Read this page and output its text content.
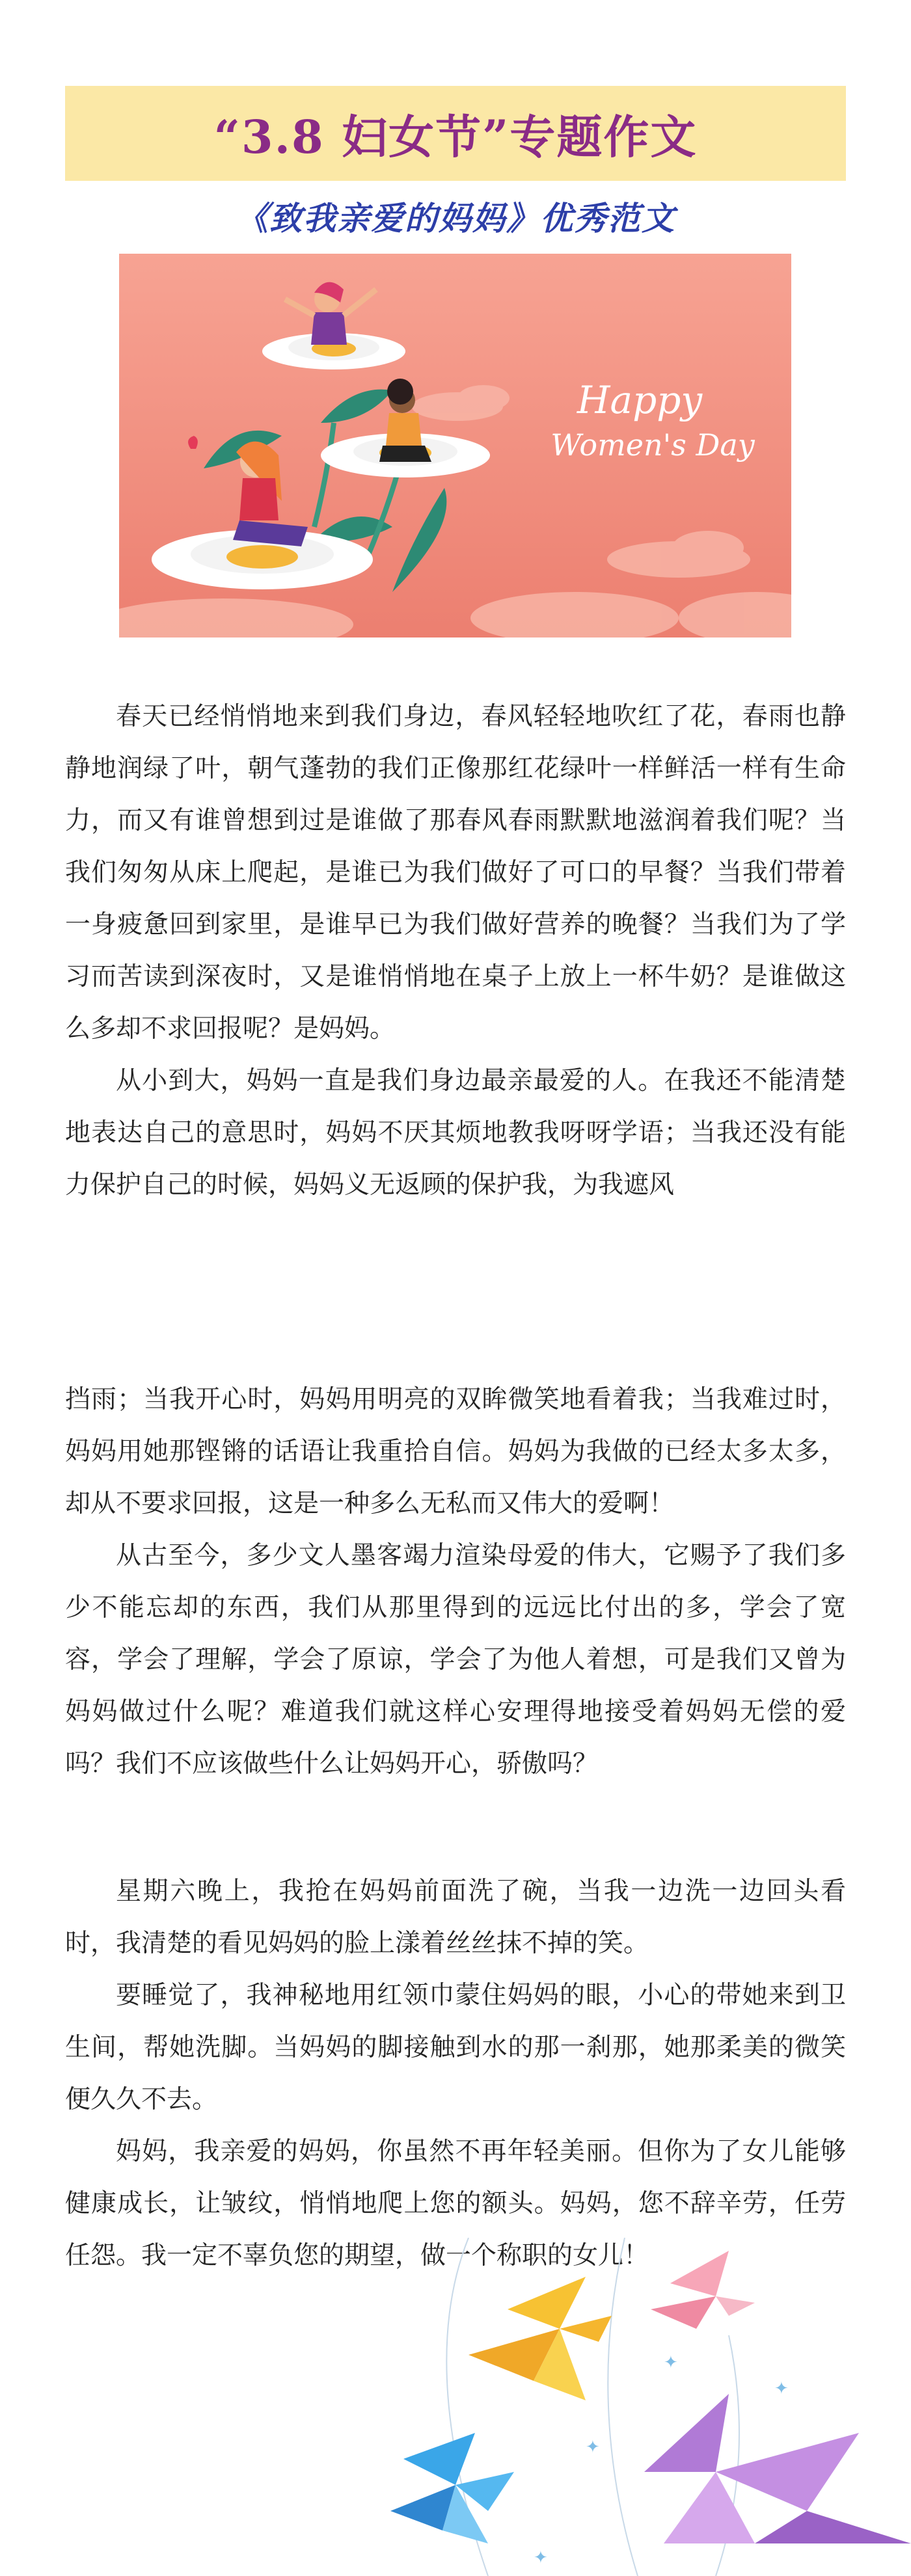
“3.8 妇女节”专题作文
《致我亲爱的妈妈》优秀范文
Happy
Women's Day

春天已经悄悄地来到我们身边，春风轻轻地吹红了花，春雨也静静地润绿了叶，朝气蓬勃的我们正像那红花绿叶一样鲜活一样有生命力，而又有谁曾想到过是谁做了那春风春雨默默地滋润着我们呢？当我们匆匆从床上爬起，是谁已为我们做好了可口的早餐？当我们带着一身疲惫回到家里，是谁早已为我们做好营养的晚餐？当我们为了学习而苦读到深夜时，又是谁悄悄地在桌子上放上一杯牛奶？是谁做这么多却不求回报呢？是妈妈。

从小到大，妈妈一直是我们身边最亲最爱的人。在我还不能清楚地表达自己的意思时，妈妈不厌其烦地教我呀呀学语；当我还没有能力保护自己的时候，妈妈义无返顾的保护我，为我遮风

挡雨；当我开心时，妈妈用明亮的双眸微笑地看着我；当我难过时，妈妈用她那铿锵的话语让我重拾自信。妈妈为我做的已经太多太多，却从不要求回报，这是一种多么无私而又伟大的爱啊！

从古至今，多少文人墨客竭力渲染母爱的伟大，它赐予了我们多少不能忘却的东西，我们从那里得到的远远比付出的多，学会了宽容，学会了理解，学会了原谅，学会了为他人着想，可是我们又曾为妈妈做过什么呢？难道我们就这样心安理得地接受着妈妈无偿的爱吗？我们不应该做些什么让妈妈开心，骄傲吗？

星期六晚上，我抢在妈妈前面洗了碗，当我一边洗一边回头看时，我清楚的看见妈妈的脸上漾着丝丝抹不掉的笑。

要睡觉了，我神秘地用红领巾蒙住妈妈的眼，小心的带她来到卫生间，帮她洗脚。当妈妈的脚接触到水的那一刹那，她那柔美的微笑便久久不去。

妈妈，我亲爱的妈妈，你虽然不再年轻美丽。但你为了女儿能够健康成长，让皱纹，悄悄地爬上您的额头。妈妈，您不辞辛劳，任劳任怨。我一定不辜负您的期望，做一个称职的女儿！

✦
✦
✦
✦
